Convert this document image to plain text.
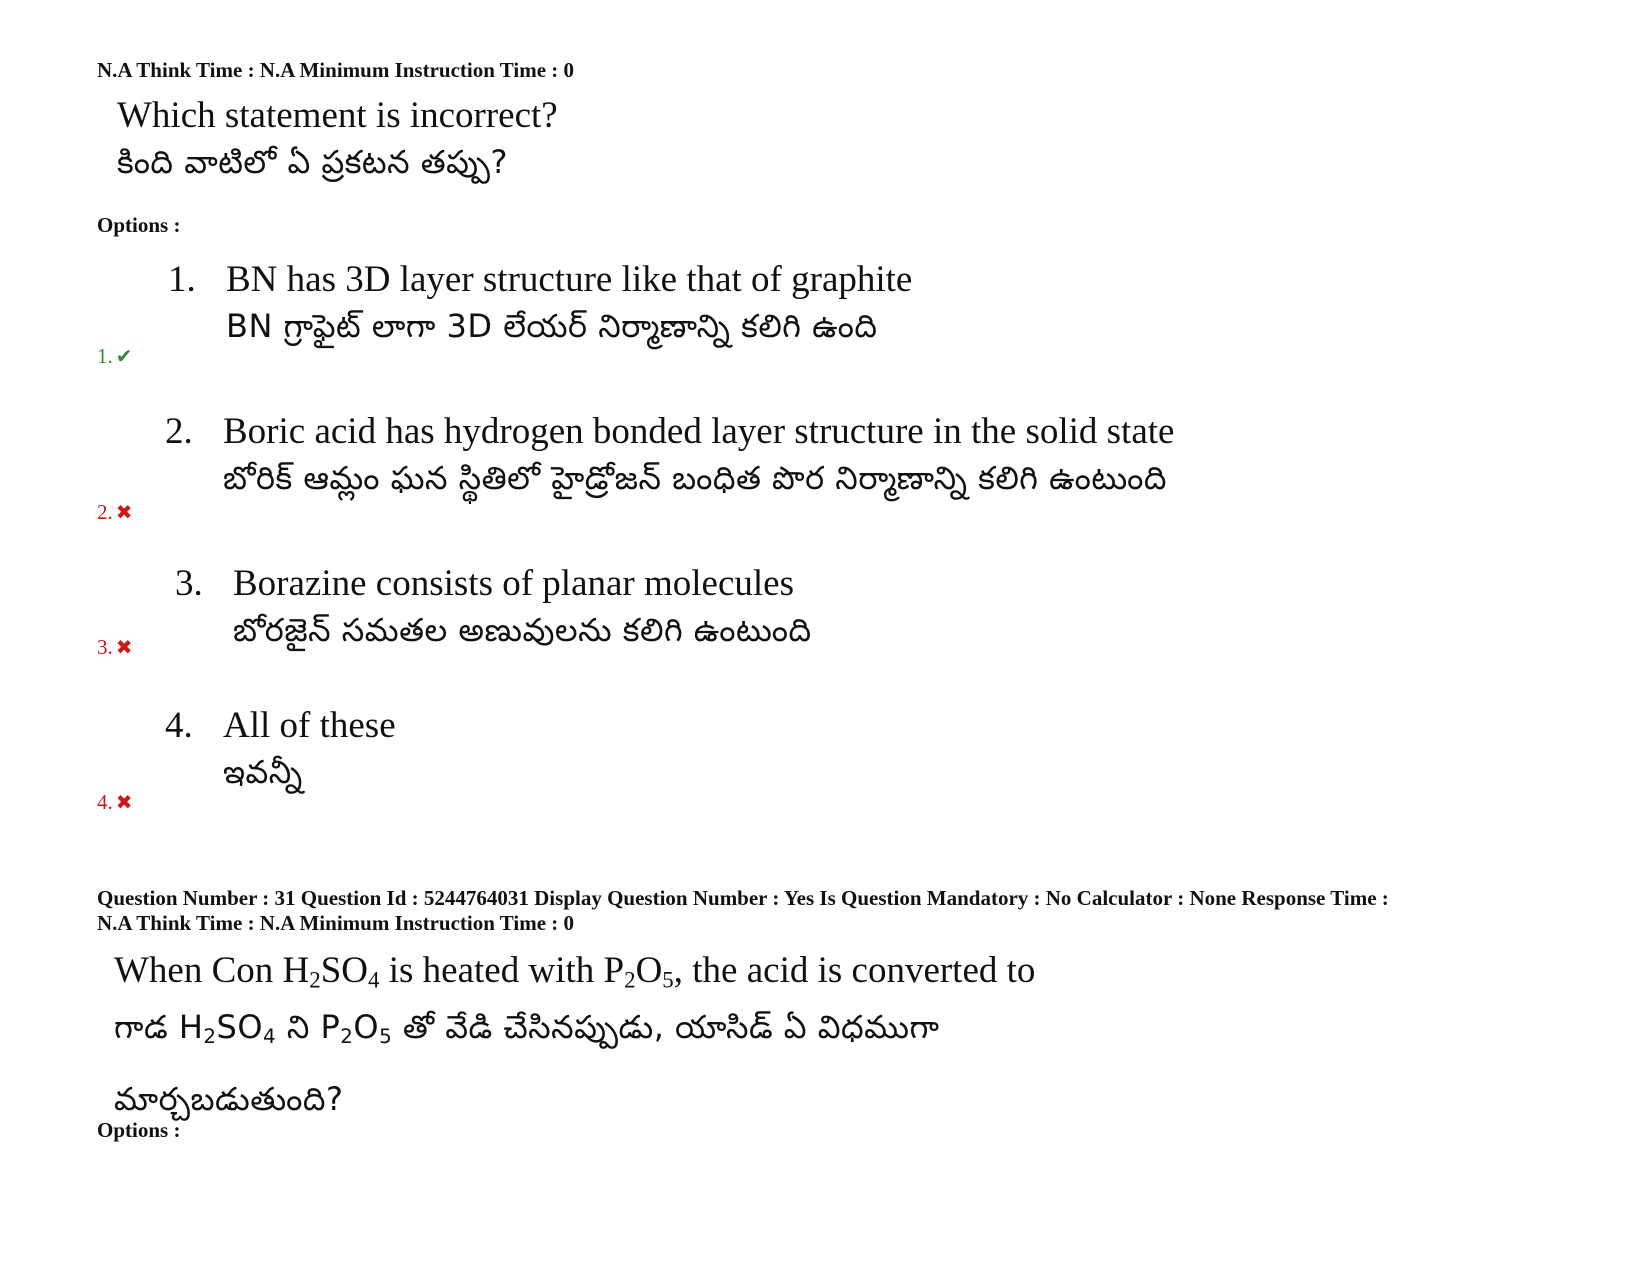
N.A Think Time : N.A Minimum Instruction Time : 0
Which statement is incorrect?
కింది వాటిలో ఏ ప్రకటన తప్పు?
Options :
1. BN has 3D layer structure like that of graphite
BN గ్రాఫైట్ లాగా 3D లేయర్ నిర్మాణాన్ని కలిగి ఉంది
1. ✔
2. Boric acid has hydrogen bonded layer structure in the solid state
బోరిక్ ఆమ్లం ఘన స్థితిలో హైడ్రోజన్ బంధిత పొర నిర్మాణాన్ని కలిగి ఉంటుంది
2. ✖
3. Borazine consists of planar molecules
బోరజైన్ సమతల అణువులను కలిగి ఉంటుంది
3. ✖
4. All of these
ఇవన్నీ
4. ✖
Question Number : 31 Question Id : 5244764031 Display Question Number : Yes Is Question Mandatory : No Calculator : None Response Time :
N.A Think Time : N.A Minimum Instruction Time : 0
When Con $H_2SO_4$ is heated with $P_2O_5$, the acid is converted to
గాడ $H_2SO_4$ ని $P_2O_5$ తో వేడి చేసినప్పుడు, యాసిడ్ ఏ విధముగా
మార్చబడుతుంది?
Options :
